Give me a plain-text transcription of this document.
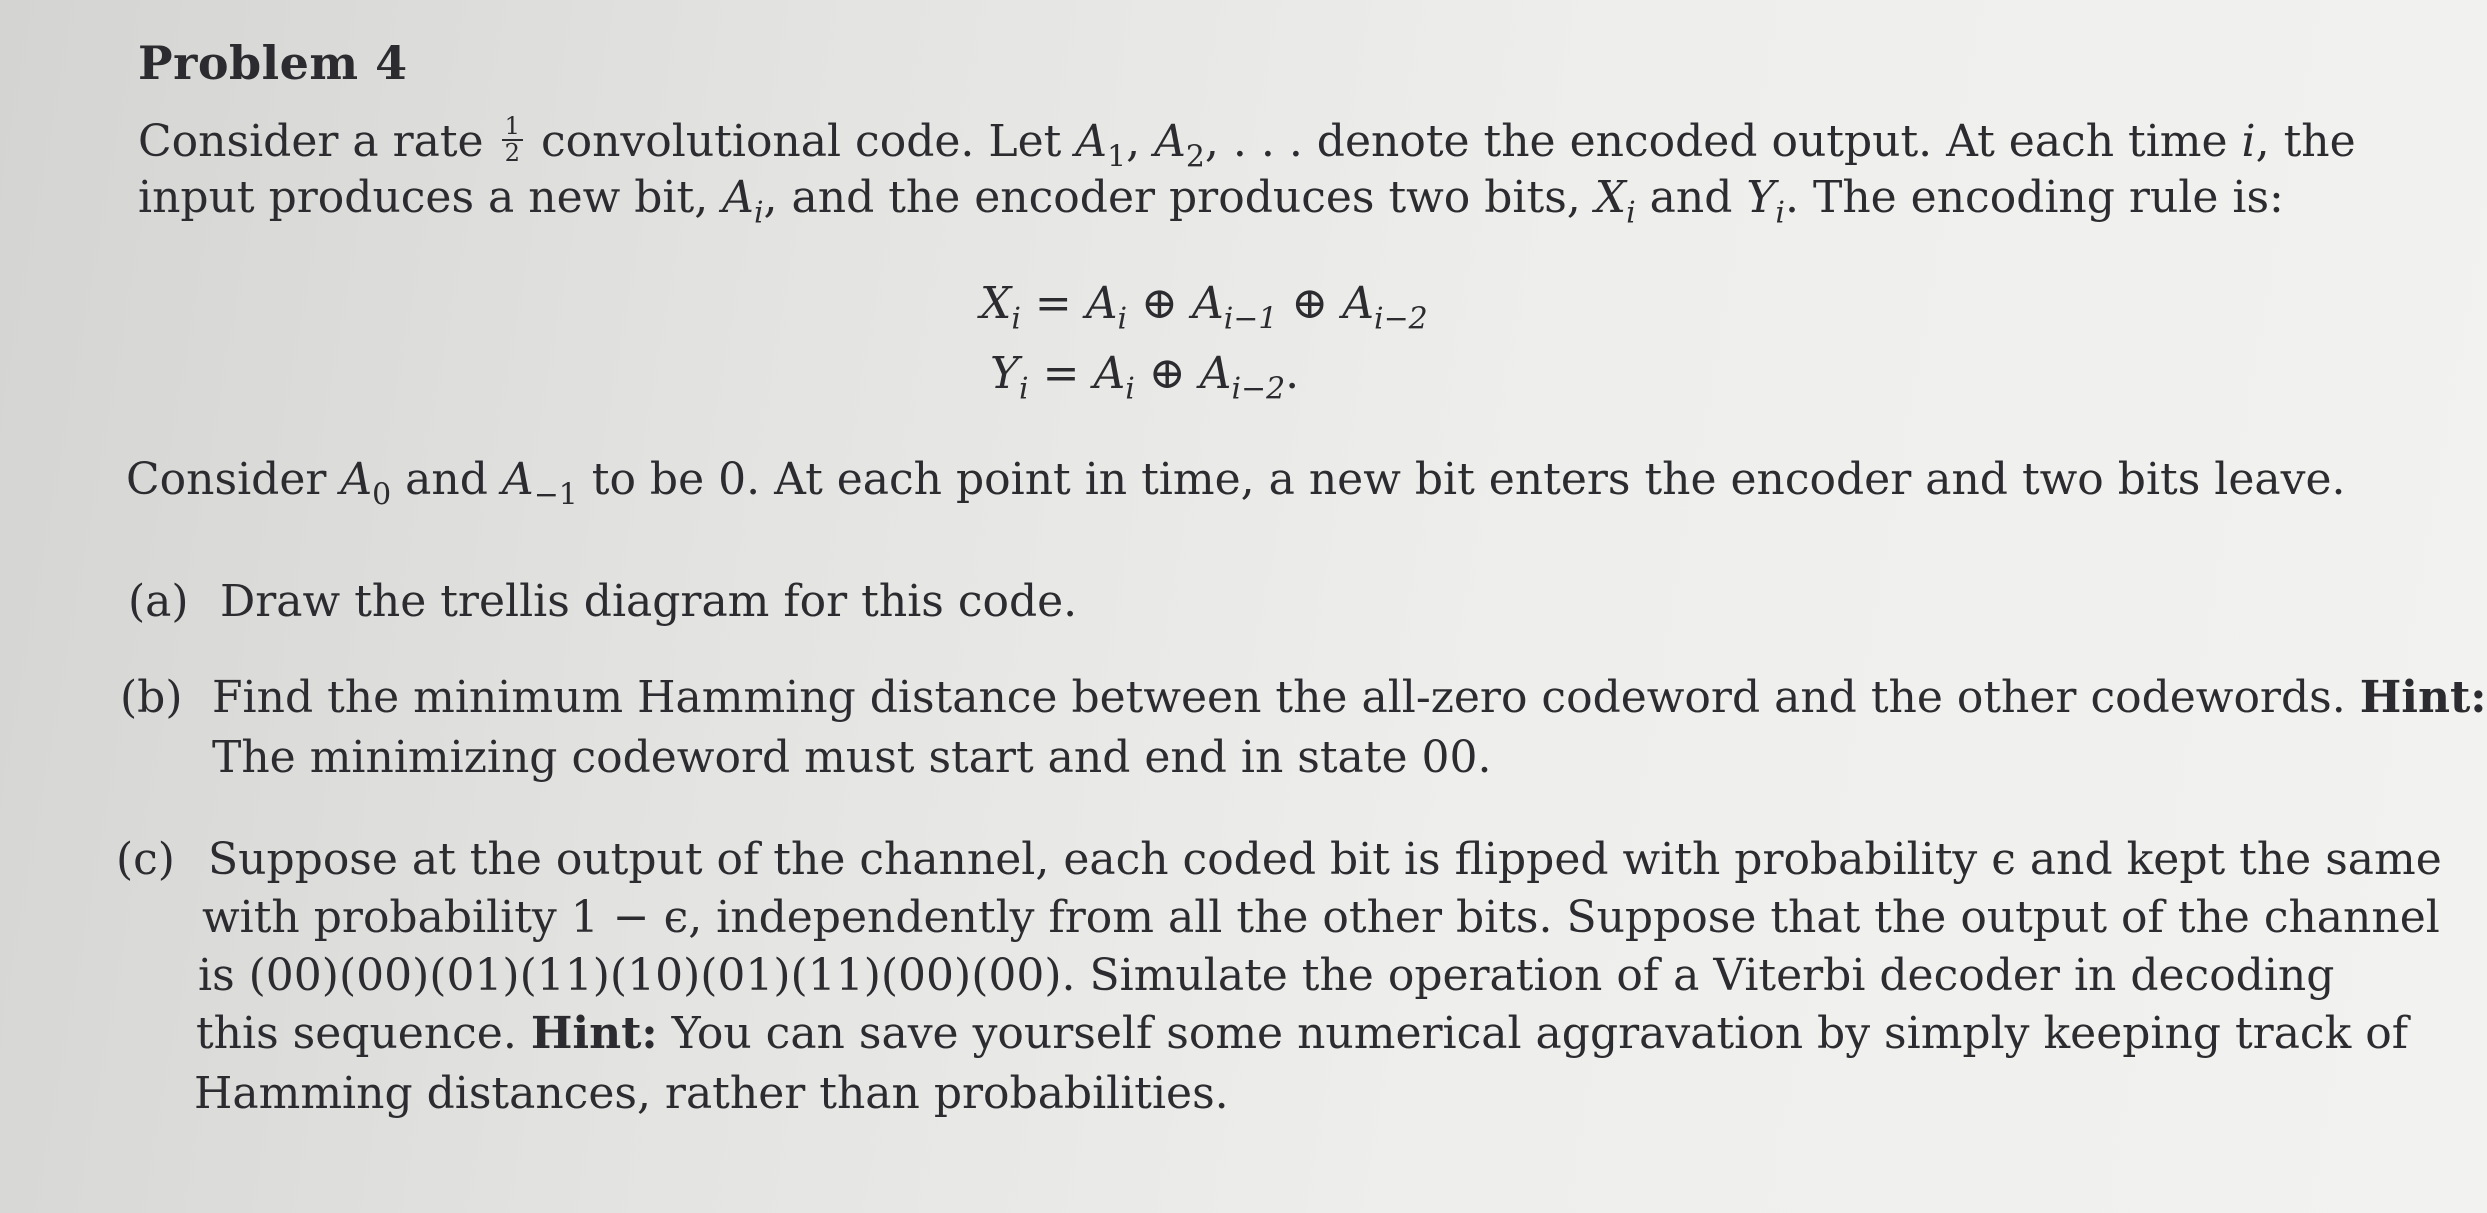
Problem 4
Consider a rate $\frac{1}{2}$ convolutional code. Let $A_1$, $A_2$, . . . denote the encoded output. At each time i, the
input produces a new bit, $A_i$, and the encoder produces two bits, $X_i$ and $Y_i$. The encoding rule is:
$X_i = A_i$ ⊕ $A_{i-1}$ ⊕ $A_{i-2}$
$Y_i = A_i$ ⊕ $A_{i-2}$.
Consider $A_0$ and $A_{-1}$ to be 0. At each point in time, a new bit enters the encoder and two bits leave.
(a) Draw the trellis diagram for this code.
(b) Find the minimum Hamming distance between the all-zero codeword and the other codewords. Hint:
The minimizing codeword must start and end in state 00.
(c) Suppose at the output of the channel, each coded bit is flipped with probability ϵ and kept the same
with probability 1 − ϵ, independently from all the other bits. Suppose that the output of the channel
is (00)(00)(01)(11)(10)(01)(11)(00)(00). Simulate the operation of a Viterbi decoder in decoding
this sequence. Hint: You can save yourself some numerical aggravation by simply keeping track of
Hamming distances, rather than probabilities.
